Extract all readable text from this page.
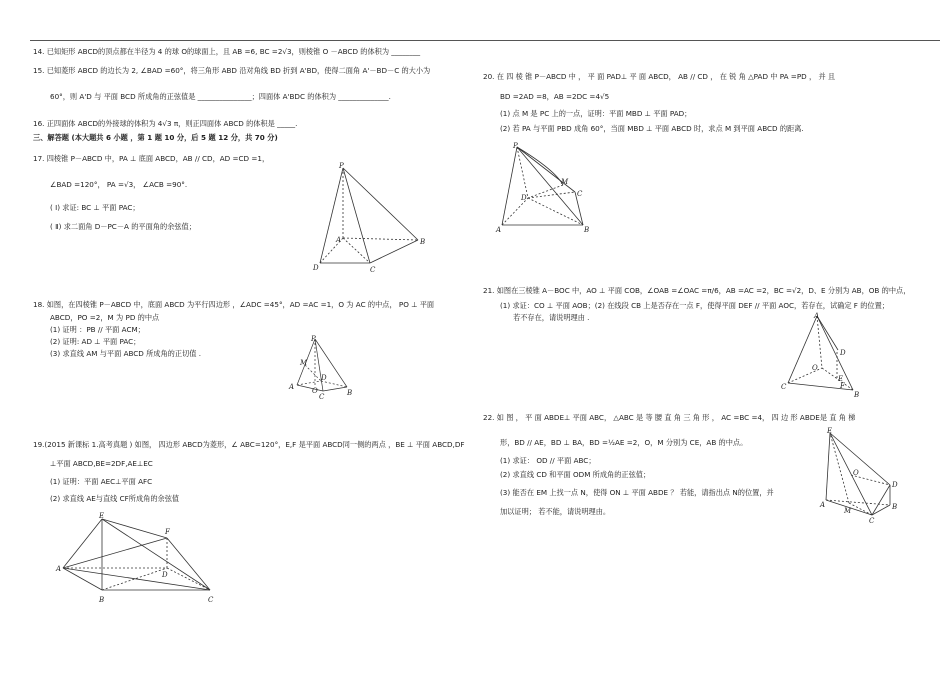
14. 已知矩形 ABCD的顶点都在半径为 4 的球 O的球面上，且 AB =6, BC =2√3，则棱锥 O －ABCD 的体积为 ________
15. 已知菱形 ABCD 的边长为 2, ∠BAD =60°，将三角形 ABD 沿对角线 BD 折到 A'BD，使得二面角 A'－BD－C 的大小为
60°，则 A'D 与 平面 BCD 所成角的正弦值是 _______________；四面体 A'BDC 的体积为 ______________.
16. 正四面体 ABCD的外接球的体积为 4√3 π，则正四面体 ABCD 的体积是 _____.
三、解答题 (本大题共 6 小题 ，第 1 题 10 分，后 5 题 12 分，共 70 分)
17. 四棱锥 P－ABCD 中，PA ⊥ 底面 ABCD，AB // CD，AD =CD =1，
∠BAD =120°， PA =√3， ∠ACB =90°.
( Ⅰ) 求证: BC ⊥ 平面 PAC；
( Ⅱ) 求二面角 D－PC－A 的平面角的余弦值；
P
A	B
C
D
18. 如图，在四棱锥 P－ABCD 中，底面 ABCD 为平行四边形 ，∠ADC =45°，AD =AC =1，O 为 AC 的中点， PO ⊥ 平面
ABCD，PO =2，M 为 PD 的中点
(1) 证明 ：PB // 平面 ACM；
(2) 证明: AD ⊥ 平面 PAC；
(3) 求直线 AM 与平面 ABCD 所成角的正切值 .
M
P
A
B
C
D
O
19.(2015 新课标 1.高考真题 ) 如图， 四边形 ABCD为菱形，∠ ABC=120°，E,F 是平面 ABCD同一侧的两点 ，BE ⊥ 平面 ABCD,DF
⊥平面 ABCD,BE=2DF,AE⊥EC
(1) 证明：平面 AEC⊥平面 AFC
(2) 求直线 AE与直线 CF所成角的余弦值
E
F
A
B	C
D
20. 在 四 棱 锥 P－ABCD 中 ， 平 面 PAD⊥ 平 面 ABCD， AB // CD ， 在 锐 角 △PAD 中 PA =PD ， 并 且
BD =2AD =8，AB =2DC =4√5
(1) 点 M 是 PC 上的一点，证明：平面 MBD ⊥ 平面 PAD；
(2) 若 PA 与平面 PBD 成角 60°，当面 MBD ⊥ 平面 ABCD 时，求点 M 到平面 ABCD 的距离.
P
M
A	B
C
D
21. 如图在三棱锥 A－BOC 中，AO ⊥ 平面 COB，∠OAB =∠OAC =π/6，AB =AC =2，BC =√2，D、E 分别为 AB，OB 的中点，
(1) 求证：CO ⊥ 平面 AOB；(2) 在线段 CB 上是否存在一点 F，使得平面 DEF // 平面 AOC，若存在，试确定 F 的位置；
若不存在，请说明理由 .	A
D
O
E
C	F
B
22. 如 图 ， 平 面 ABDE⊥ 平面 ABC， △ABC 是 等 腰 直 角 三 角 形 ， AC =BC =4， 四 边 形 ABDE是 直 角 梯
形，BD // AE，BD ⊥ BA，BD =½AE =2，O，M 分别为 CE，AB 的中点。
(1) 求证： OD // 平面 ABC；
(2) 求直线 CD 和平面 ODM 所成角的正弦值；
(3) 能否在 EM 上找一点 N，使得 ON ⊥ 平面 ABDE ？ 若能，请指出点 N的位置，并
加以证明； 若不能，请说明理由。
E
D
A
M	B
C
O
